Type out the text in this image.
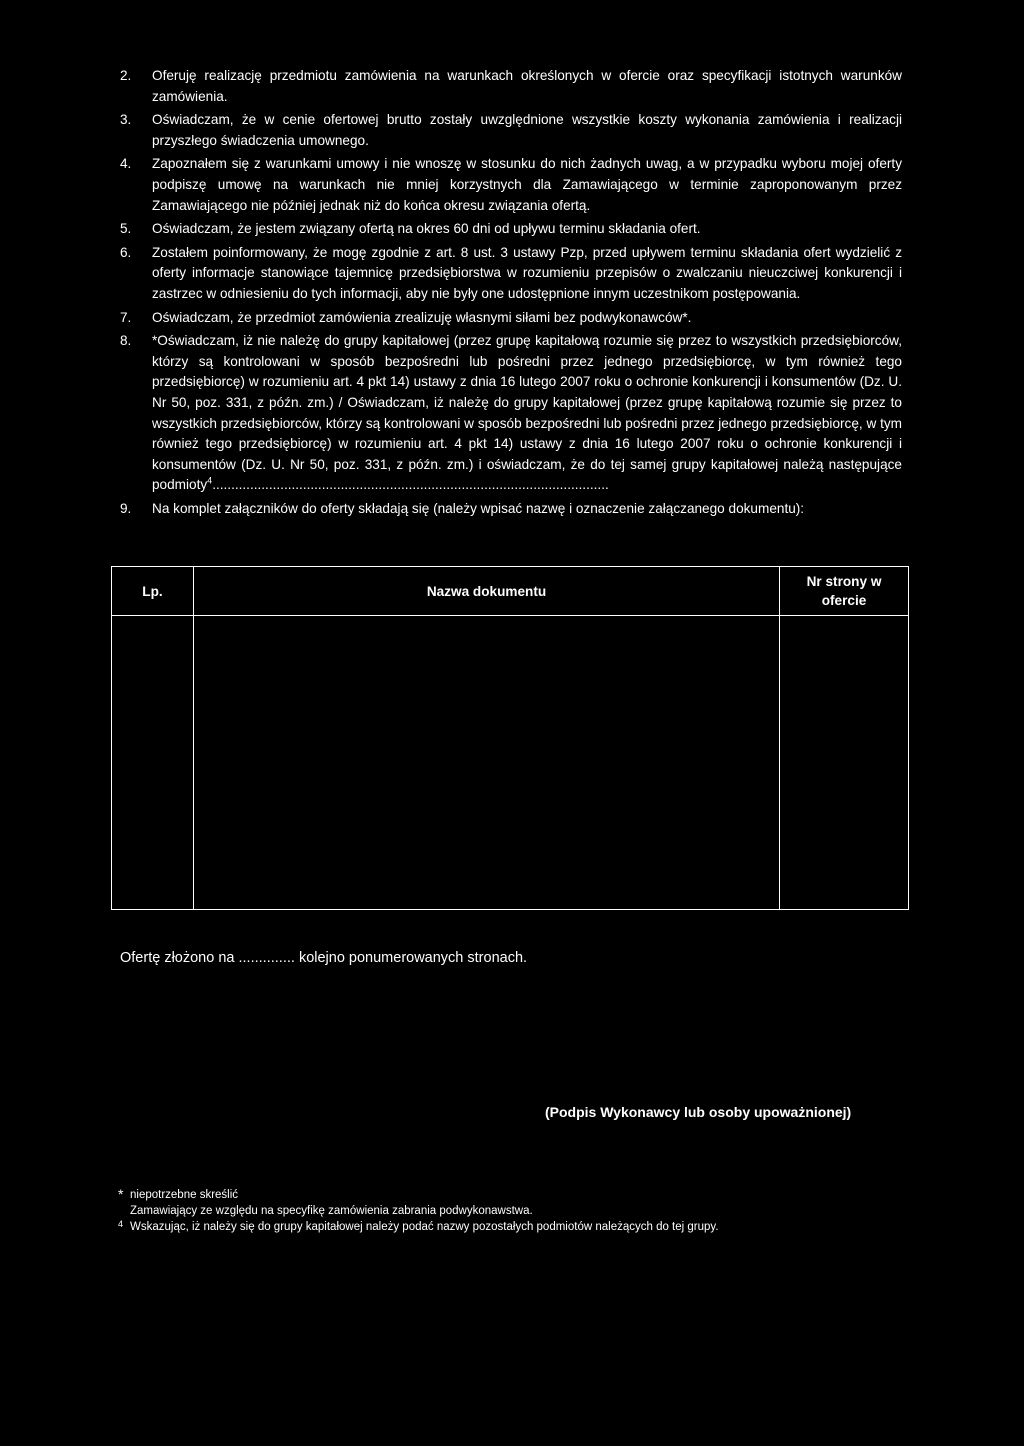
2.	Oferuję realizację przedmiotu zamówienia na warunkach określonych w ofercie oraz specyfikacji istotnych warunków zamówienia.
3.	Oświadczam, że w cenie ofertowej brutto zostały uwzględnione wszystkie koszty wykonania zamówienia i realizacji przyszłego świadczenia umownego.
4.	Zapoznałem się z warunkami umowy i nie wnoszę w stosunku do nich żadnych uwag, a w przypadku wyboru mojej oferty podpiszę umowę na warunkach nie mniej korzystnych dla Zamawiającego w terminie zaproponowanym przez Zamawiającego nie później jednak niż do końca okresu związania ofertą.
5.	Oświadczam, że jestem związany ofertą na okres 60 dni od upływu terminu składania ofert.
6.	Zostałem poinformowany, że mogę zgodnie z art. 8 ust. 3 ustawy Pzp, przed upływem terminu składania ofert wydzielić z oferty informacje stanowiące tajemnicę przedsiębiorstwa w rozumieniu przepisów o zwalczaniu nieuczciwej konkurencji i zastrzec w odniesieniu do tych informacji, aby nie były one udostępnione innym uczestnikom postępowania.
7.	Oświadczam, że przedmiot zamówienia zrealizuję własnymi siłami bez podwykonawców*.
8.	*Oświadczam, iż nie należę do grupy kapitałowej (przez grupę kapitałową rozumie się przez to wszystkich przedsiębiorców, którzy są kontrolowani w sposób bezpośredni lub pośredni przez jednego przedsiębiorcę, w tym również tego przedsiębiorcę) w rozumieniu art. 4 pkt 14) ustawy z dnia 16 lutego 2007 roku o ochronie konkurencji i konsumentów (Dz. U. Nr 50, poz. 331, z późn. zm.) / Oświadczam, iż należę do grupy kapitałowej (przez grupę kapitałową rozumie się przez to wszystkich przedsiębiorców, którzy są kontrolowani w sposób bezpośredni lub pośredni przez jednego przedsiębiorcę, w tym również tego przedsiębiorcę) w rozumieniu art. 4 pkt 14) ustawy z dnia 16 lutego 2007 roku o ochronie konkurencji i konsumentów (Dz. U. Nr 50, poz. 331, z późn. zm.) i oświadczam, że do tej samej grupy kapitałowej należą następujące podmioty$^4$.........................................................................................................
9.	Na komplet załączników do oferty składają się (należy wpisać nazwę i oznaczenie załączanego dokumentu):
Lp.	Nazwa dokumentu	Nr strony w ofercie

Ofertę złożono na .............. kolejno ponumerowanych stronach.
(Podpis Wykonawcy lub osoby upoważnionej)
* niepotrzebne skreślić
Zamawiający ze względu na specyfikę zamówienia zabrania podwykonawstwa.
4 Wskazując, iż należy się do grupy kapitałowej należy podać nazwy pozostałych podmiotów należących do tej grupy.
